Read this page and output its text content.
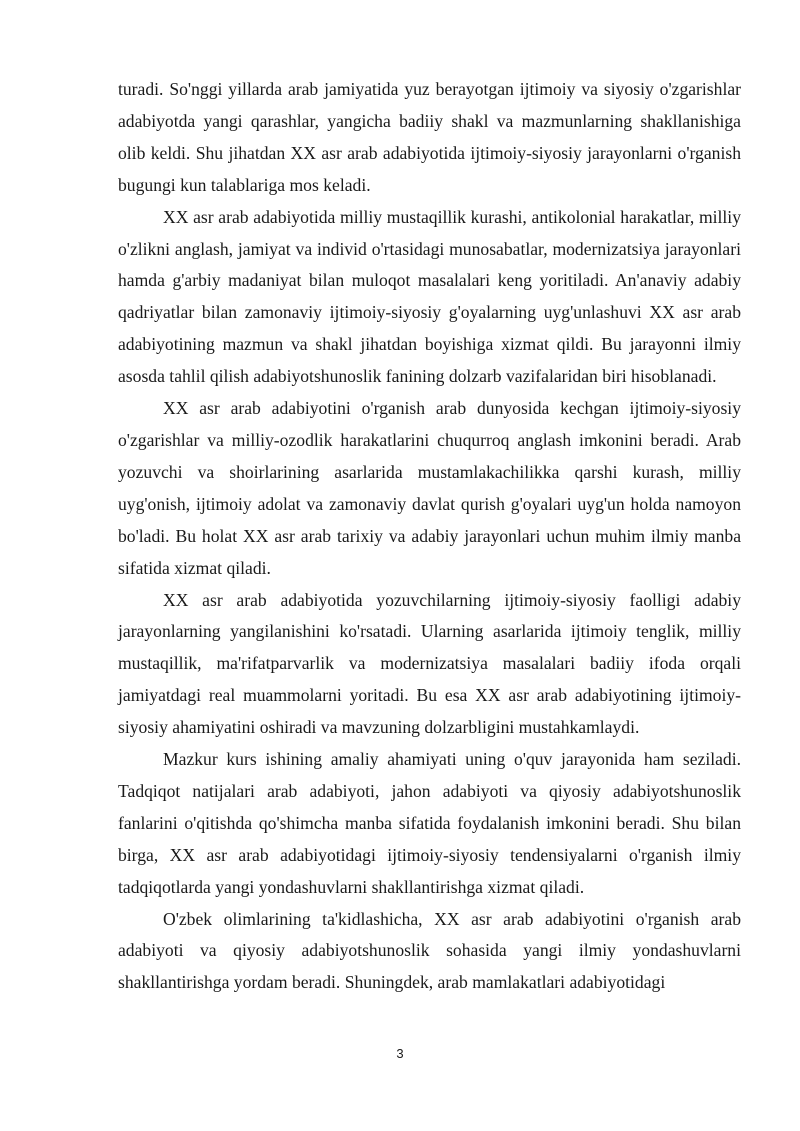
turadi. So'nggi yillarda arab jamiyatida yuz berayotgan ijtimoiy va siyosiy o'zgarishlar adabiyotda yangi qarashlar, yangicha badiiy shakl va mazmunlarning shakllanishiga olib keldi. Shu jihatdan XX asr arab adabiyotida ijtimoiy-siyosiy jarayonlarni o'rganish bugungi kun talablariga mos keladi.

XX asr arab adabiyotida milliy mustaqillik kurashi, antikolonial harakatlar, milliy o'zlikni anglash, jamiyat va individ o'rtasidagi munosabatlar, modernizatsiya jarayonlari hamda g'arbiy madaniyat bilan muloqot masalalari keng yoritiladi. An'anaviy adabiy qadriyatlar bilan zamonaviy ijtimoiy-siyosiy g'oyalarning uyg'unlashuvi XX asr arab adabiyotining mazmun va shakl jihatdan boyishiga xizmat qildi. Bu jarayonni ilmiy asosda tahlil qilish adabiyotshunoslik fanining dolzarb vazifalaridan biri hisoblanadi.

XX asr arab adabiyotini o'rganish arab dunyosida kechgan ijtimoiy-siyosiy o'zgarishlar va milliy-ozodlik harakatlarini chuqurroq anglash imkonini beradi. Arab yozuvchi va shoirlarining asarlarida mustamlakachilikka qarshi kurash, milliy uyg'onish, ijtimoiy adolat va zamonaviy davlat qurish g'oyalari uyg'un holda namoyon bo'ladi. Bu holat XX asr arab tarixiy va adabiy jarayonlari uchun muhim ilmiy manba sifatida xizmat qiladi.

XX asr arab adabiyotida yozuvchilarning ijtimoiy-siyosiy faolligi adabiy jarayonlarning yangilanishini ko'rsatadi. Ularning asarlarida ijtimoiy tenglik, milliy mustaqillik, ma'rifatparvarlik va modernizatsiya masalalari badiiy ifoda orqali jamiyatdagi real muammolarni yoritadi. Bu esa XX asr arab adabiyotining ijtimoiy-siyosiy ahamiyatini oshiradi va mavzuning dolzarbligini mustahkamlaydi.

Mazkur kurs ishining amaliy ahamiyati uning o'quv jarayonida ham seziladi. Tadqiqot natijalari arab adabiyoti, jahon adabiyoti va qiyosiy adabiyotshunoslik fanlarini o'qitishda qo'shimcha manba sifatida foydalanish imkonini beradi. Shu bilan birga, XX asr arab adabiyotidagi ijtimoiy-siyosiy tendensiyalarni o'rganish ilmiy tadqiqotlarda yangi yondashuvlarni shakllantirishga xizmat qiladi.

O'zbek olimlarining ta'kidlashicha, XX asr arab adabiyotini o'rganish arab adabiyoti va qiyosiy adabiyotshunoslik sohasida yangi ilmiy yondashuvlarni shakllantirishga yordam beradi. Shuningdek, arab mamlakatlari adabiyotidagi

3
